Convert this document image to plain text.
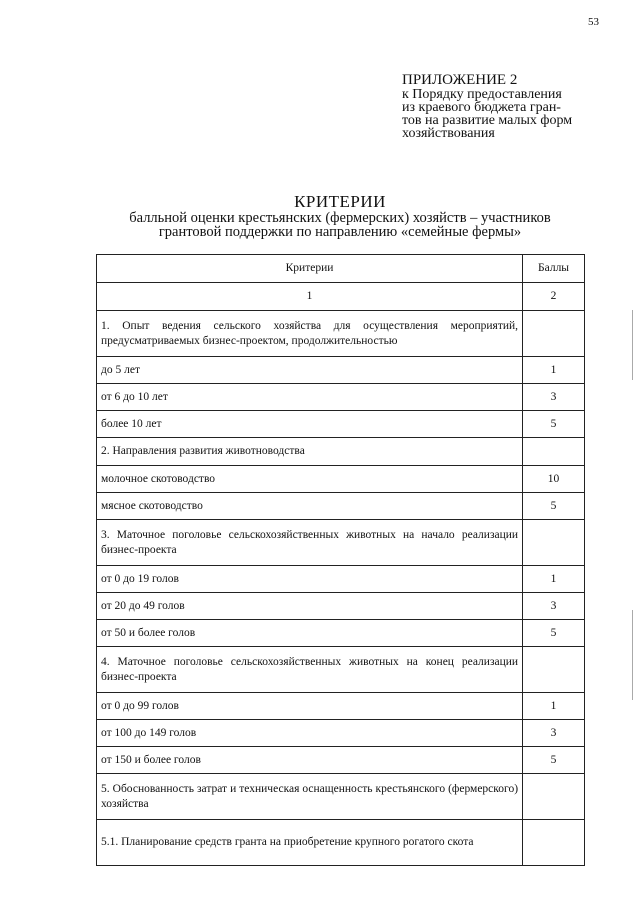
53
ПРИЛОЖЕНИЕ 2
к Порядку предоставления
из краевого бюджета гран-
тов на развитие малых форм
хозяйствования
КРИТЕРИИ
балльной оценки крестьянских (фермерских) хозяйств – участников
грантовой поддержки по направлению «семейные фермы»
Критерии	Баллы
1	2
1. Опыт ведения сельского хозяйства для осуществления мероприятий, предусматриваемых бизнес-проектом, продолжительностью	
до 5 лет	1
от 6 до 10 лет	3
более 10 лет	5
2. Направления развития животноводства	
молочное скотоводство	10
мясное скотоводство	5
3. Маточное поголовье сельскохозяйственных животных на начало реализации бизнес-проекта	
от 0 до 19 голов	1
от 20 до 49 голов	3
от 50 и более голов	5
4. Маточное поголовье сельскохозяйственных животных на конец реализации бизнес-проекта	
от 0 до 99 голов	1
от 100 до 149 голов	3
от 150 и более голов	5
5. Обоснованность затрат и техническая оснащенность крестьянского (фермерского) хозяйства	
5.1. Планирование средств гранта на приобретение крупного рогатого скота	
